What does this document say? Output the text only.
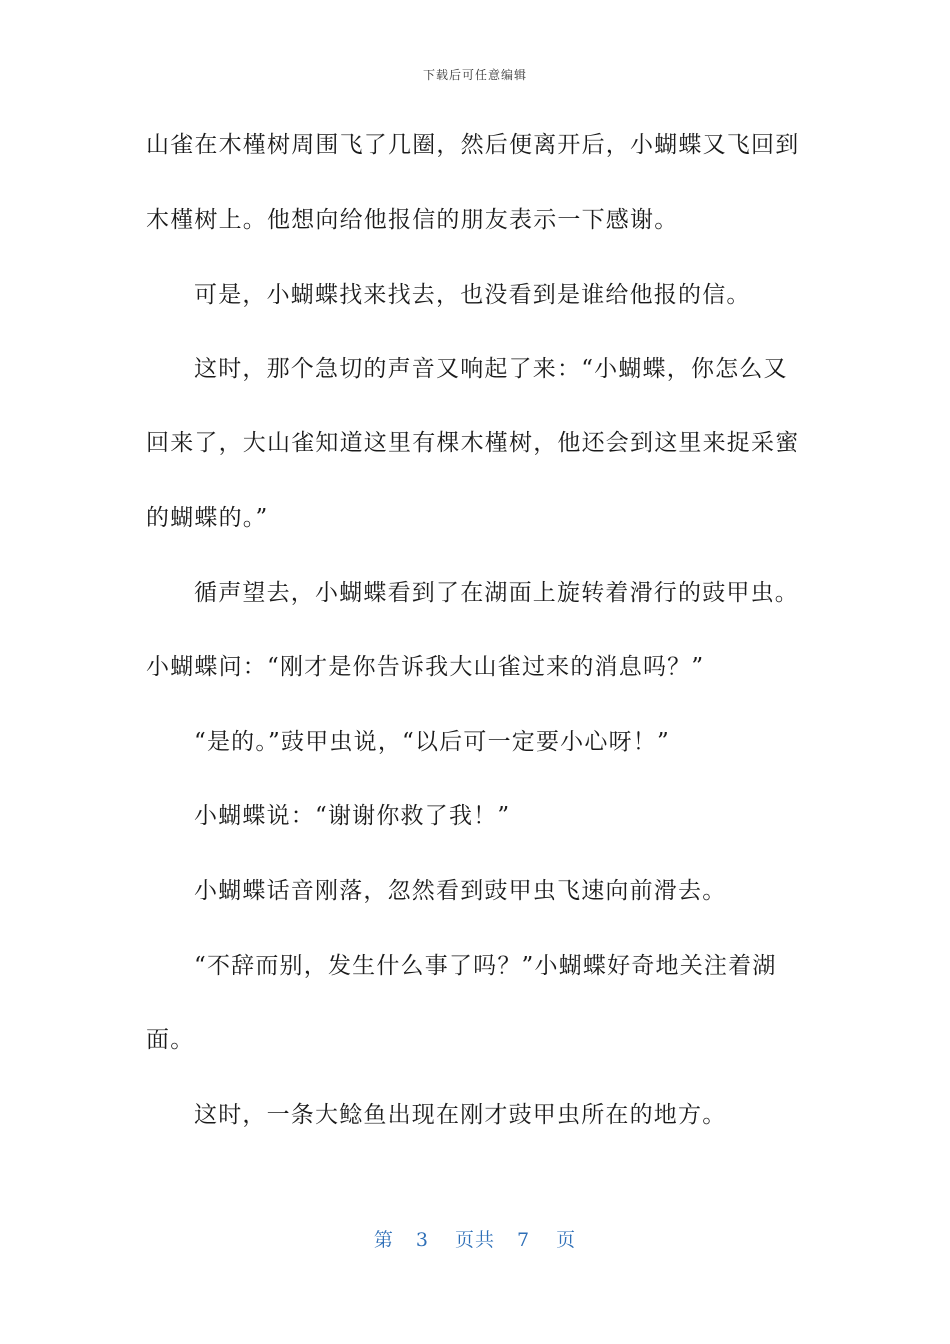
下载后可任意编辑
山雀在木槿树周围飞了几圈，然后便离开后，小蝴蝶又飞回到
木槿树上。他想向给他报信的朋友表示一下感谢。
可是，小蝴蝶找来找去，也没看到是谁给他报的信。
这时，那个急切的声音又响起了来：“小蝴蝶，你怎么又
回来了，大山雀知道这里有棵木槿树，他还会到这里来捉采蜜
的蝴蝶的。”
循声望去，小蝴蝶看到了在湖面上旋转着滑行的豉甲虫。
小蝴蝶问：“刚才是你告诉我大山雀过来的消息吗？”
“是的。”豉甲虫说，“以后可一定要小心呀！”
小蝴蝶说：“谢谢你救了我！”
小蝴蝶话音刚落，忽然看到豉甲虫飞速向前滑去。
“不辞而别，发生什么事了吗？”小蝴蝶好奇地关注着湖
面。
这时，一条大鲶鱼出现在刚才豉甲虫所在的地方。
第 3 页共 7 页
